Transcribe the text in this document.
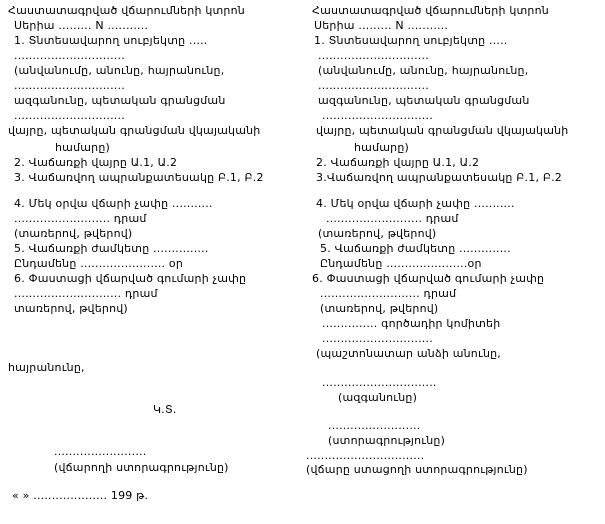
Հաստատագրված վճարումների կտրոն
Սերիա ......... N ...........
1. Տնտեսավարող սուբյեկտը .....
..............................
(անվանումը, անունը, հայրանունը,
..............................
ազգանունը, պետական գրանցման
..............................
վայրը, պետական գրանցման վկայականի
համարը)
2. Վաճառքի վայրը Ա.1, Ա.2
3. Վաճառվող ապրանքատեսակը Բ.1, Բ.2
4. Մեկ օրվա վճարի չափը ...........
.......................... դրամ
(տառերով, թվերով)
5. Վաճառքի ժամկետը ...............
Ընդամենը ....................... օր
6. Փաստացի վճարված գումարի չափը
............................. դրամ
տառերով, թվերով)
հայրանունը,
Կ.Տ.
.........................
(վճարողի ստորագրությունը)
« » .................... 199 թ.
Հաստատագրված վճարումների կտրոն
Սերիա ......... N ...........
1. Տնտեսավարող սուբյեկտը .....
..............................
(անվանումը, անունը, հայրանունը,
..............................
ազգանունը, պետական գրանցման
..............................
վայրը, պետական գրանցման վկայականի
համարը)
2. Վաճառքի վայրը Ա.1, Ա.2
3.Վաճառվող ապրանքատեսակը Բ.1, Բ.2
4. Մեկ օրվա վճարի չափը ...........
.......................... դրամ
(տառերով, թվերով)
5. Վաճառքի ժամկետը ..............
Ընդամենը ......................օր
6. Փաստացի վճարված գումարի չափը
........................... դրամ
(տառերով, թվերով)
............... գործադիր կոմիտեի
..............................
(պաշտոնատար անձի անունը,
...............................
(ազգանունը)
.........................
(ստորագրությունը)
................................
(վճարը ստացողի ստորագրությունը)
